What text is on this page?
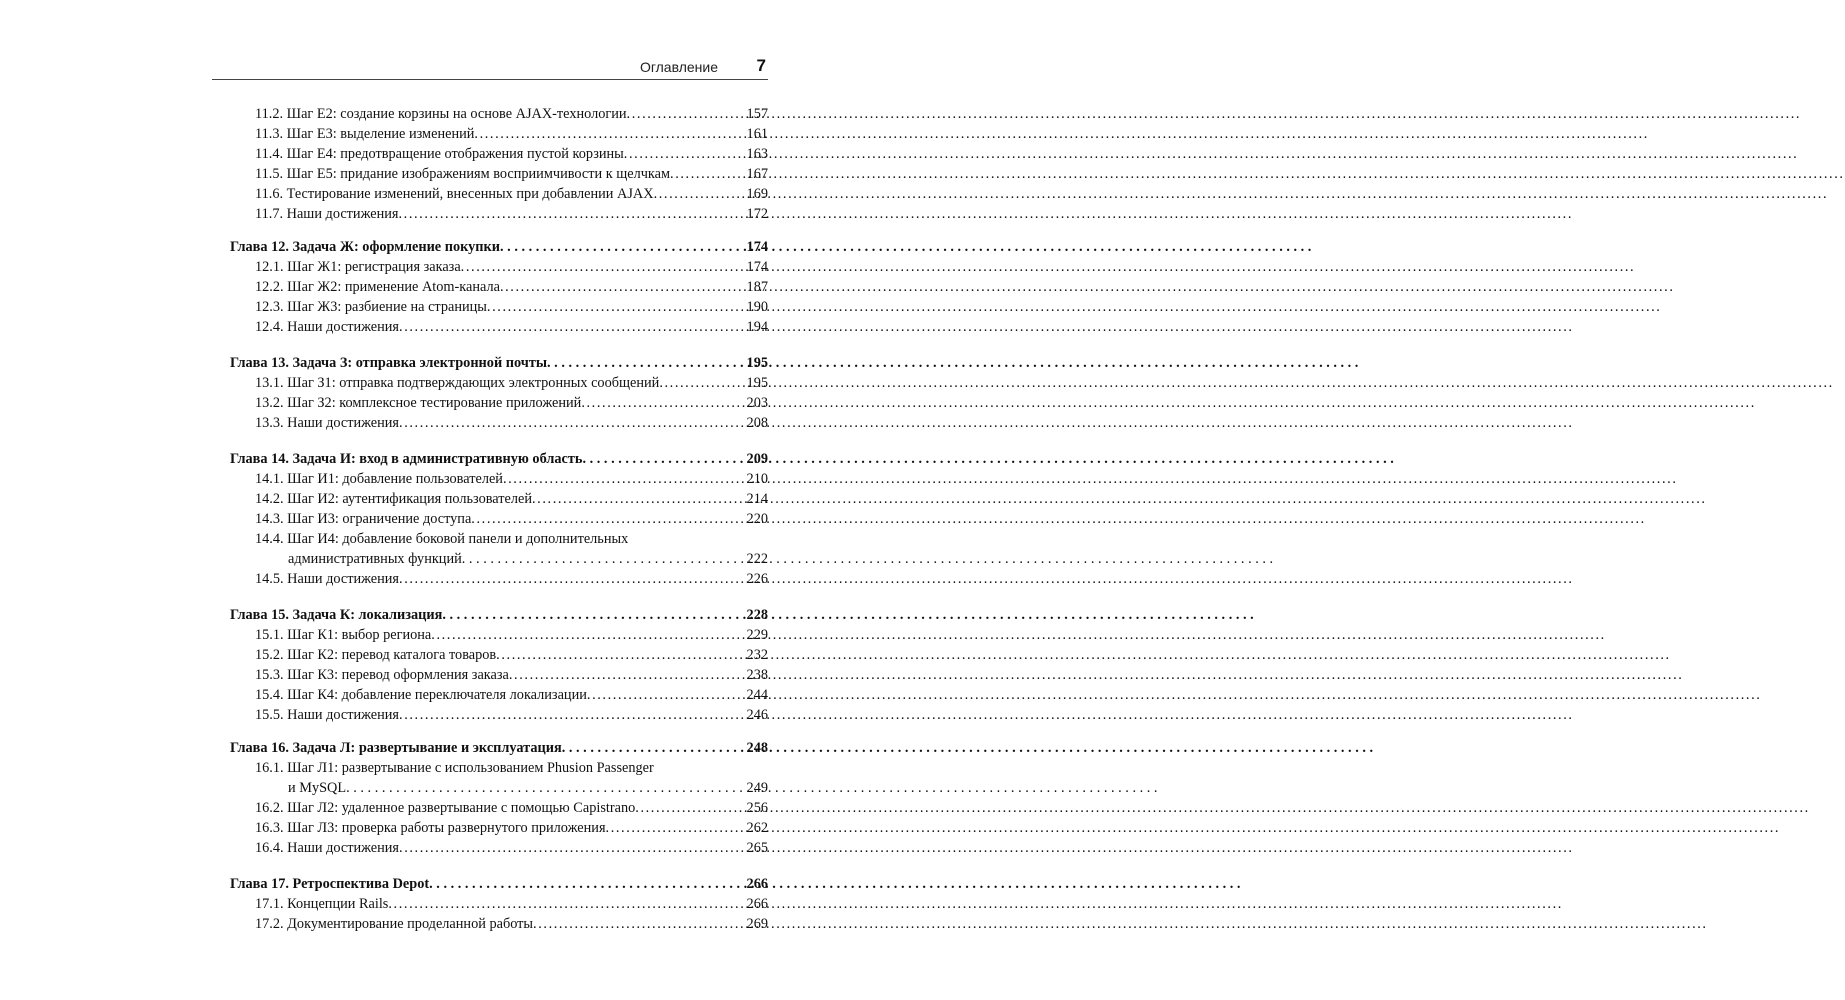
Оглавление 7
11.2. Шаг Е2: создание корзины на основе AJAX-технологии .....	157
11.3. Шаг Е3: выделение изменений .....	161
11.4. Шаг Е4: предотвращение отображения пустой корзины .....	163
11.5. Шаг Е5: придание изображениям восприимчивости к щелчкам .....	167
11.6. Тестирование изменений, внесенных при добавлении AJAX .....	169
11.7. Наши достижения .....	172
Глава 12. Задача Ж: оформление покупки . . .	174
12.1. Шаг Ж1: регистрация заказа .....	174
12.2. Шаг Ж2: применение Atom-канала .....	187
12.3. Шаг Ж3: разбиение на страницы .....	190
12.4. Наши достижения .....	194
Глава 13. Задача З: отправка электронной почты . . .	195
13.1. Шаг З1: отправка подтверждающих электронных сообщений .....	195
13.2. Шаг З2: комплексное тестирование приложений .....	203
13.3. Наши достижения .....	208
Глава 14. Задача И: вход в административную область . . .	209
14.1. Шаг И1: добавление пользователей .....	210
14.2. Шаг И2: аутентификация пользователей .....	214
14.3. Шаг И3: ограничение доступа .....	220
14.4. Шаг И4: добавление боковой панели и дополнительных
административных функций . . .	222
14.5. Наши достижения .....	226
Глава 15. Задача К: локализация . . .	228
15.1. Шаг К1: выбор региона .....	229
15.2. Шаг К2: перевод каталога товаров .....	232
15.3. Шаг К3: перевод оформления заказа .....	238
15.4. Шаг К4: добавление переключателя локализации .....	244
15.5. Наши достижения .....	246
Глава 16. Задача Л: развертывание и эксплуатация . . .	248
16.1. Шаг Л1: развертывание с использованием Phusion Passenger
и MySQL . . .	249
16.2. Шаг Л2: удаленное развертывание с помощью Capistrano .....	256
16.3. Шаг Л3: проверка работы развернутого приложения .....	262
16.4. Наши достижения .....	265
Глава 17. Ретроспектива Depot . . .	266
17.1. Концепции Rails .....	266
17.2. Документирование проделанной работы .....	269
